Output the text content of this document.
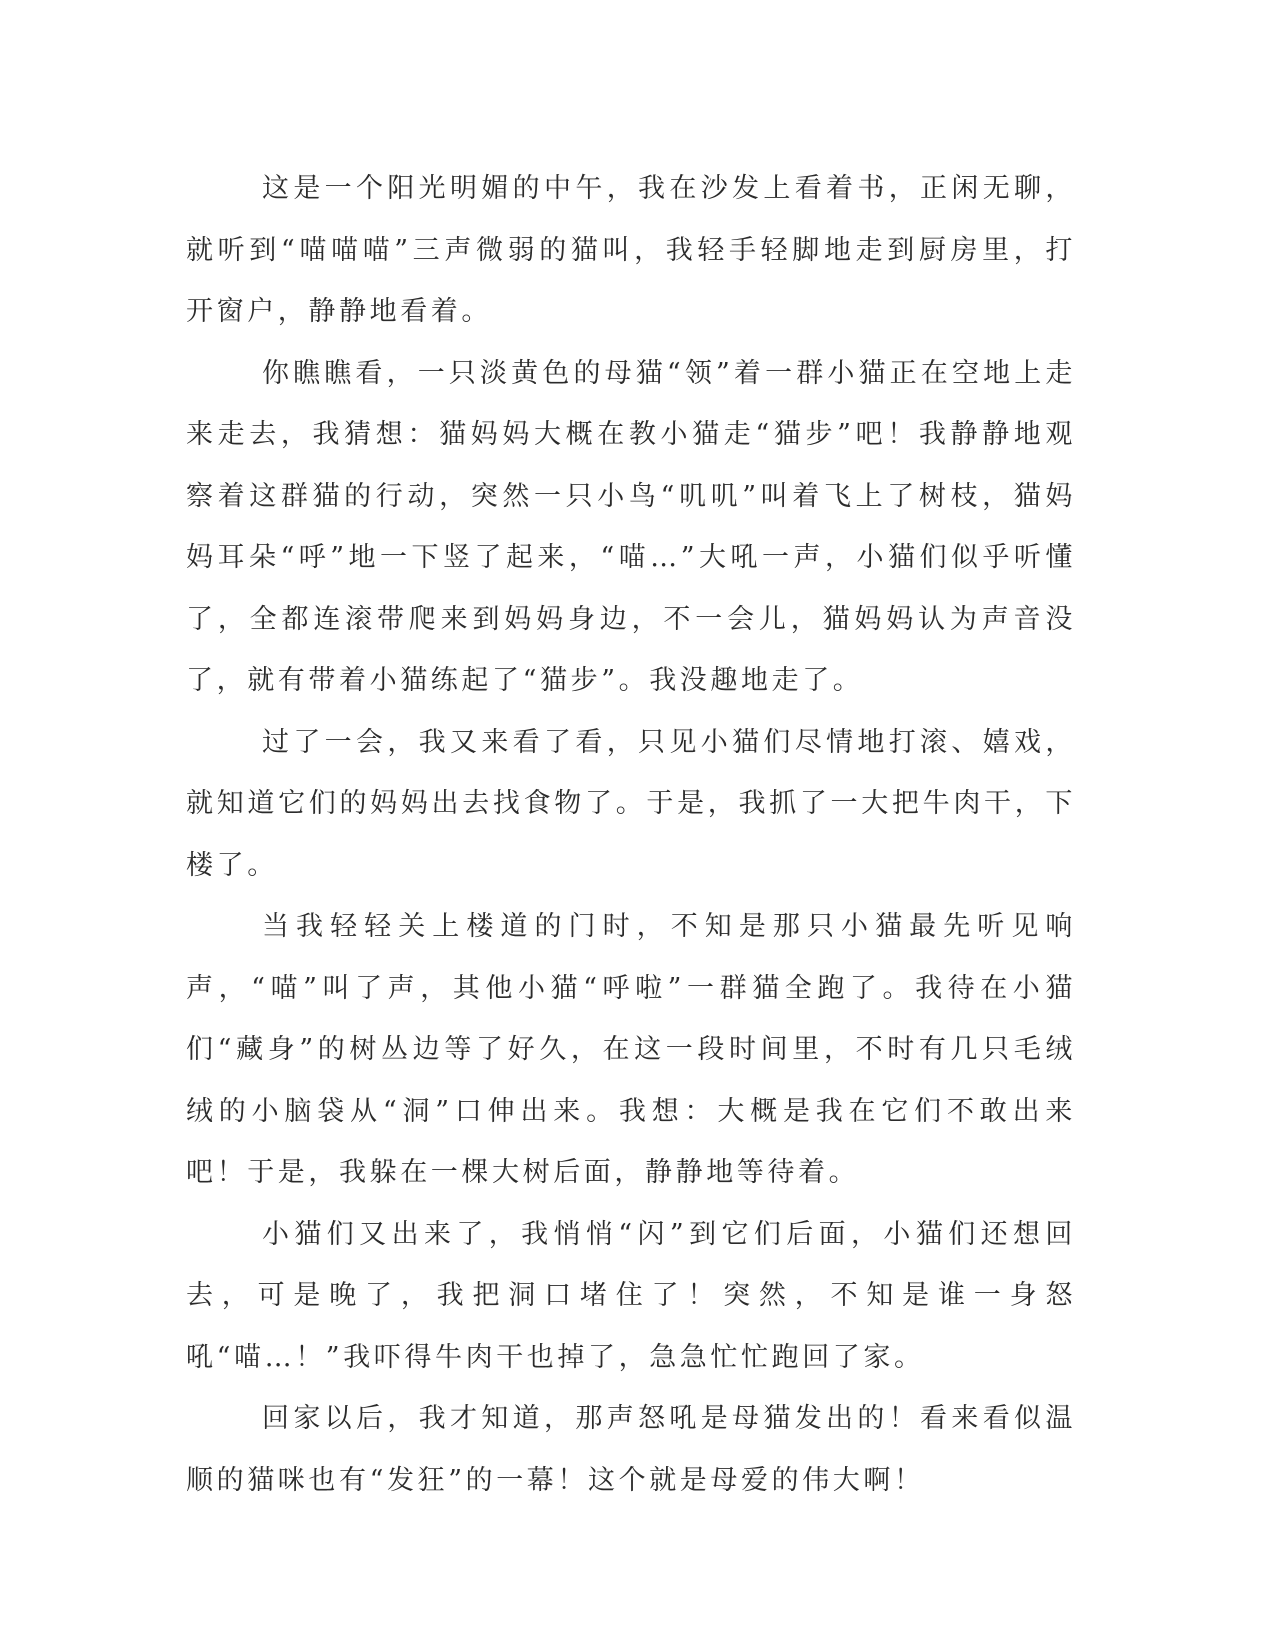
这是一个阳光明媚的中午，我在沙发上看着书，正闲无聊，就听到“喵喵喵”三声微弱的猫叫，我轻手轻脚地走到厨房里，打开窗户，静静地看着。

你瞧瞧看，一只淡黄色的母猫“领”着一群小猫正在空地上走来走去，我猜想：猫妈妈大概在教小猫走“猫步”吧！我静静地观察着这群猫的行动，突然一只小鸟“叽叽”叫着飞上了树枝，猫妈妈耳朵“呼”地一下竖了起来，“喵…”大吼一声，小猫们似乎听懂了，全都连滚带爬来到妈妈身边，不一会儿，猫妈妈认为声音没了，就有带着小猫练起了“猫步”。我没趣地走了。

过了一会，我又来看了看，只见小猫们尽情地打滚、嬉戏，就知道它们的妈妈出去找食物了。于是，我抓了一大把牛肉干，下楼了。

当我轻轻关上楼道的门时，不知是那只小猫最先听见响声，“喵”叫了声，其他小猫“呼啦”一群猫全跑了。我待在小猫们“藏身”的树丛边等了好久，在这一段时间里，不时有几只毛绒绒的小脑袋从“洞”口伸出来。我想：大概是我在它们不敢出来吧！于是，我躲在一棵大树后面，静静地等待着。

小猫们又出来了，我悄悄“闪”到它们后面，小猫们还想回去，可是晚了，我把洞口堵住了！突然，不知是谁一身怒吼“喵…！”我吓得牛肉干也掉了，急急忙忙跑回了家。

回家以后，我才知道，那声怒吼是母猫发出的！看来看似温顺的猫咪也有“发狂”的一幕！这个就是母爱的伟大啊！
